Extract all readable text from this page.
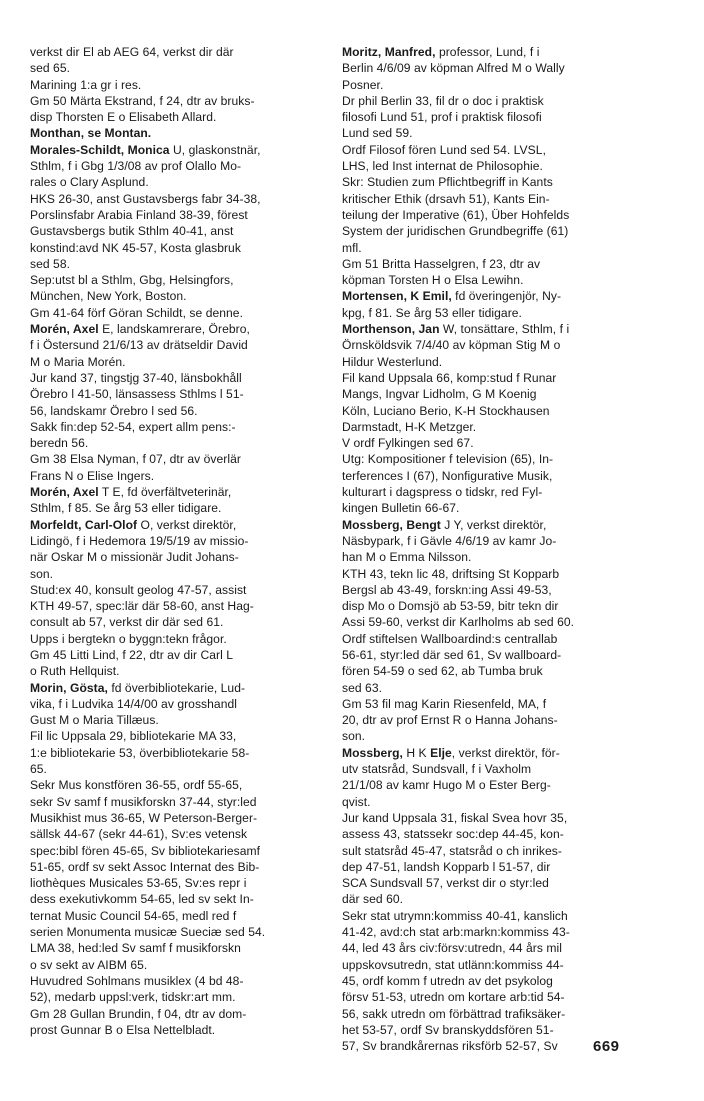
verkst dir El ab AEG 64, verkst dir där
sed 65.
Marining 1:a gr i res.
Gm 50 Märta Ekstrand, f 24, dtr av bruks-
disp Thorsten E o Elisabeth Allard.
Monthan, se Montan.
Morales-Schildt, Monica U, glaskonstnär,
Sthlm, f i Gbg 1/3/08 av prof Olallo Mo-
rales o Clary Asplund.
HKS 26-30, anst Gustavsbergs fabr 34-38,
Porslinsfabr Arabia Finland 38-39, förest
Gustavsbergs butik Sthlm 40-41, anst
konstind:avd NK 45-57, Kosta glasbruk
sed 58.
Sep:utst bl a Sthlm, Gbg, Helsingfors,
München, New York, Boston.
Gm 41-64 förf Göran Schildt, se denne.
Morén, Axel E, landskamrerare, Örebro,
f i Östersund 21/6/13 av drätseldir David
M o Maria Morén.
Jur kand 37, tingstjg 37-40, länsbokhåll
Örebro l 41-50, länsassess Sthlms l 51-
56, landskamr Örebro l sed 56.
Sakk fin:dep 52-54, expert allm pens:-
beredn 56.
Gm 38 Elsa Nyman, f 07, dtr av överlär
Frans N o Elise Ingers.
Morén, Axel T E, fd överfältveterinär,
Sthlm, f 85. Se årg 53 eller tidigare.
Morfeldt, Carl-Olof O, verkst direktör,
Lidingö, f i Hedemora 19/5/19 av missio-
när Oskar M o missionär Judit Johans-
son.
Stud:ex 40, konsult geolog 47-57, assist
KTH 49-57, spec:lär där 58-60, anst Hag-
consult ab 57, verkst dir där sed 61.
Upps i bergtekn o byggn:tekn frågor.
Gm 45 Litti Lind, f 22, dtr av dir Carl L
o Ruth Hellquist.
Morin, Gösta, fd överbibliotekarie, Lud-
vika, f i Ludvika 14/4/00 av grosshandl
Gust M o Maria Tillæus.
Fil lic Uppsala 29, bibliotekarie MA 33,
1:e bibliotekarie 53, överbibliotekarie 58-
65.
Sekr Mus konstfören 36-55, ordf 55-65,
sekr Sv samf f musikforskn 37-44, styr:led
Musikhist mus 36-65, W Peterson-Berger-
sällsk 44-67 (sekr 44-61), Sv:es vetensk
spec:bibl fören 45-65, Sv bibliotekariesamf
51-65, ordf sv sekt Assoc Internat des Bib-
liothèques Musicales 53-65, Sv:es repr i
dess exekutivkomm 54-65, led sv sekt In-
ternat Music Council 54-65, medl red f
serien Monumenta musicæ Sueciæ sed 54.
LMA 38, hed:led Sv samf f musikforskn
o sv sekt av AIBM 65.
Huvudred Sohlmans musiklex (4 bd 48-
52), medarb uppsl:verk, tidskr:art mm.
Gm 28 Gullan Brundin, f 04, dtr av dom-
prost Gunnar B o Elsa Nettelbladt.
Moritz, Manfred, professor, Lund, f i
Berlin 4/6/09 av köpman Alfred M o Wally
Posner.
Dr phil Berlin 33, fil dr o doc i praktisk
filosofi Lund 51, prof i praktisk filosofi
Lund sed 59.
Ordf Filosof fören Lund sed 54. LVSL,
LHS, led Inst internat de Philosophie.
Skr: Studien zum Pflichtbegriff in Kants
kritischer Ethik (drsavh 51), Kants Ein-
teilung der Imperative (61), Über Hohfelds
System der juridischen Grundbegriffe (61)
mfl.
Gm 51 Britta Hasselgren, f 23, dtr av
köpman Torsten H o Elsa Lewihn.
Mortensen, K Emil, fd överingenjör, Ny-
kpg, f 81. Se årg 53 eller tidigare.
Morthenson, Jan W, tonsättare, Sthlm, f i
Örnsköldsvik 7/4/40 av köpman Stig M o
Hildur Westerlund.
Fil kand Uppsala 66, komp:stud f Runar
Mangs, Ingvar Lidholm, G M Koenig
Köln, Luciano Berio, K-H Stockhausen
Darmstadt, H-K Metzger.
V ordf Fylkingen sed 67.
Utg: Kompositioner f television (65), In-
terferences I (67), Nonfigurative Musik,
kulturart i dagspress o tidskr, red Fyl-
kingen Bulletin 66-67.
Mossberg, Bengt J Y, verkst direktör,
Näsbypark, f i Gävle 4/6/19 av kamr Jo-
han M o Emma Nilsson.
KTH 43, tekn lic 48, driftsing St Kopparb
Bergsl ab 43-49, forskn:ing Assi 49-53,
disp Mo o Domsjö ab 53-59, bitr tekn dir
Assi 59-60, verkst dir Karlholms ab sed 60.
Ordf stiftelsen Wallboardind:s centrallab
56-61, styr:led där sed 61, Sv wallboard-
fören 54-59 o sed 62, ab Tumba bruk
sed 63.
Gm 53 fil mag Karin Riesenfeld, MA, f
20, dtr av prof Ernst R o Hanna Johans-
son.
Mossberg, H K Elje, verkst direktör, för-
utv statsråd, Sundsvall, f i Vaxholm
21/1/08 av kamr Hugo M o Ester Berg-
qvist.
Jur kand Uppsala 31, fiskal Svea hovr 35,
assess 43, statssekr soc:dep 44-45, kon-
sult statsråd 45-47, statsråd o ch inrikes-
dep 47-51, landsh Kopparb l 51-57, dir
SCA Sundsvall 57, verkst dir o styr:led
där sed 60.
Sekr stat utrymn:kommiss 40-41, kanslich
41-42, avd:ch stat arb:markn:kommiss 43-
44, led 43 års civ:försv:utredn, 44 års mil
uppskovsutredn, stat utlänn:kommiss 44-
45, ordf komm f utredn av det psykolog
försv 51-53, utredn om kortare arb:tid 54-
56, sakk utredn om förbättrad trafiksäker-
het 53-57, ordf Sv branskyddsfören 51-
57, Sv brandkårernas riksförb 52-57, Sv	669
